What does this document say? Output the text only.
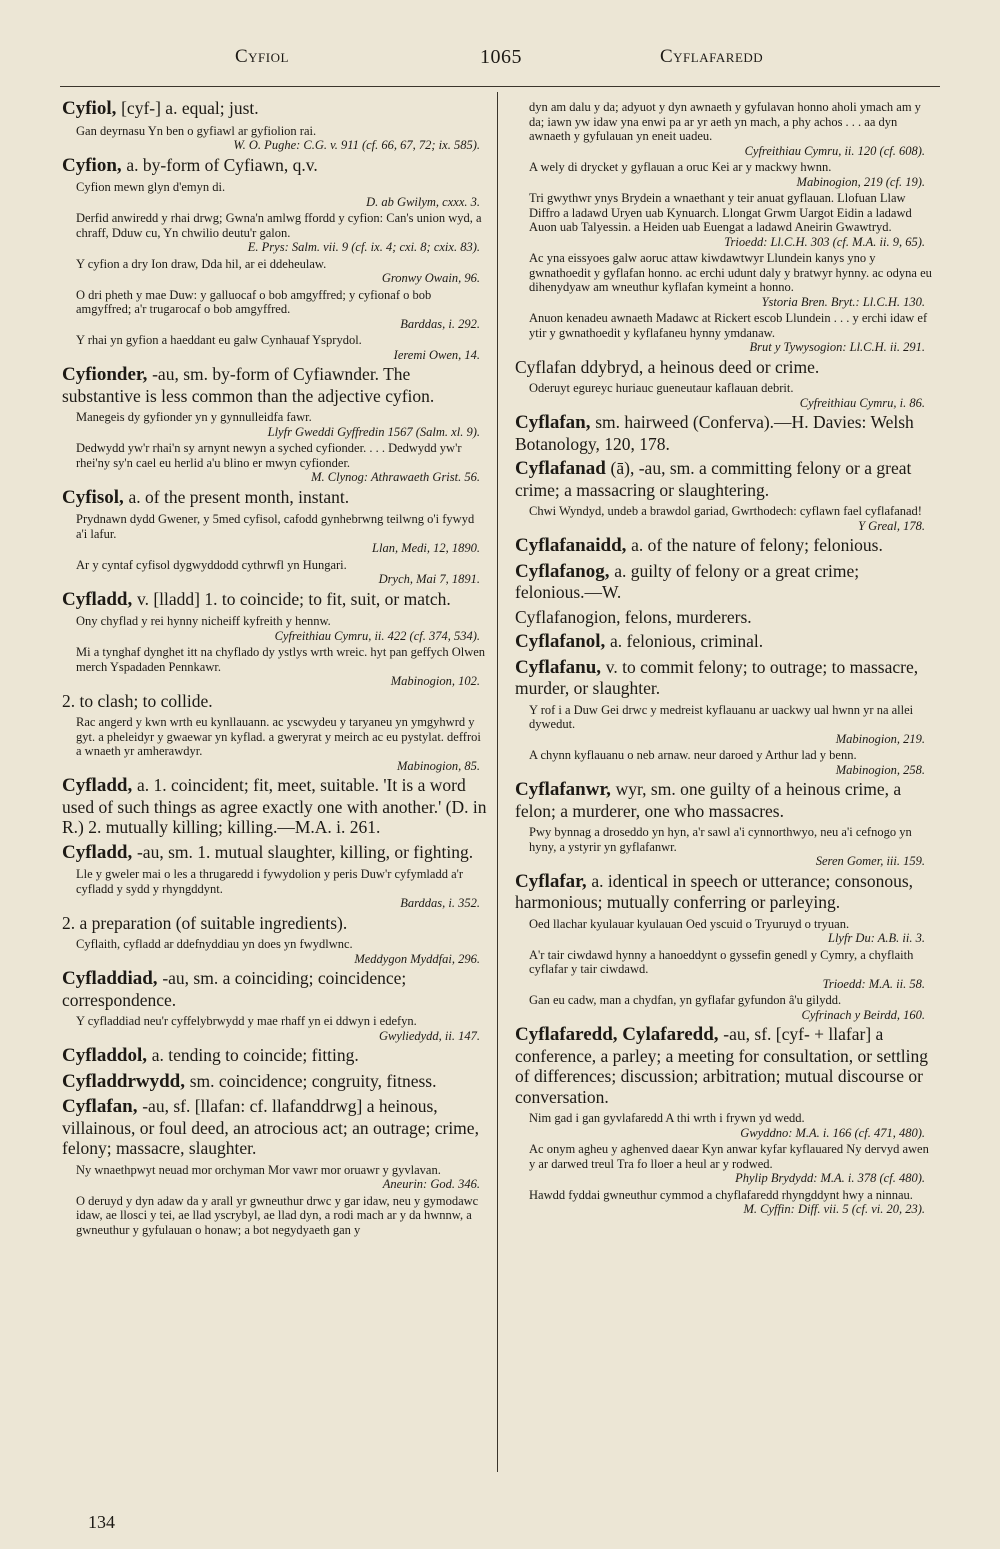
Cyfiol	1065	Cyflafaredd
Cyfiol, [cyf-] a. equal; just.
Gan deyrnasu Yn ben o gyfiawl ar gyfiolion rai.
W. O. Pughe: C.G. v. 911 (cf. 66, 67, 72; ix. 585).
Cyfion, a. by-form of Cyfiawn, q.v.
Cyfion mewn glyn d'emyn di.
D. ab Gwilym, cxxx. 3.
Derfid anwiredd y rhai drwg; Gwna'n amlwg ffordd y cyfion: Can's union wyd, a chraff, Dduw cu, Yn chwilio deutu'r galon.
E. Prys: Salm. vii. 9 (cf. ix. 4; cxi. 8; cxix. 83).
Y cyfion a dry Ion draw, Dda hil, ar ei ddeheulaw.
Gronwy Owain, 96.
O dri pheth y mae Duw: y galluocaf o bob amgyffred; y cyfionaf o bob amgyffred; a'r trugarocaf o bob amgyffred.
Barddas, i. 292.
Y rhai yn gyfion a haeddant eu galw Cynhauaf Ysprydol.
Ieremi Owen, 14.
Cyfionder, -au, sm. by-form of Cyfiawnder. The substantive is less common than the adjective cyfion.
Manegeis dy gyfionder yn y gynnulleidfa fawr.
Llyfr Gweddi Gyffredin 1567 (Salm. xl. 9).
Dedwydd yw'r rhai'n sy arnynt newyn a syched cyfionder. . . . Dedwydd yw'r rhei'ny sy'n cael eu herlid a'u blino er mwyn cyfionder.
M. Clynog: Athrawaeth Grist. 56.
Cyfisol, a. of the present month, instant.
Prydnawn dydd Gwener, y 5med cyfisol, cafodd gynhebrwng teilwng o'i fywyd a'i lafur.
Llan, Medi, 12, 1890.
Ar y cyntaf cyfisol dygwyddodd cythrwfl yn Hungari.
Drych, Mai 7, 1891.
Cyfladd, v. [lladd] 1. to coincide; to fit, suit, or match.
Ony chyflad y rei hynny nicheiff kyfreith y hennw.
Cyfreithiau Cymru, ii. 422 (cf. 374, 534).
Mi a tynghaf dynghet itt na chyflado dy ystlys wrth wreic. hyt pan geffych Olwen merch Yspadaden Pennkawr.
Mabinogion, 102.
2. to clash; to collide.
Rac angerd y kwn wrth eu kynllauann. ac yscwydeu y taryaneu yn ymgyhwrd y gyt. a pheleidyr y gwaewar yn kyflad. a gweryrat y meirch ac eu pystylat. deffroi a wnaeth yr amherawdyr.
Mabinogion, 85.
Cyfladd, a. 1. coincident; fit, meet, suitable. 'It is a word used of such things as agree exactly one with another.' (D. in R.) 2. mutually killing; killing.—M.A. i. 261.
Cyfladd, -au, sm. 1. mutual slaughter, killing, or fighting.
Lle y gweler mai o les a thrugaredd i fywydolion y peris Duw'r cyfymladd a'r cyfladd y sydd y rhyngddynt.
Barddas, i. 352.
2. a preparation (of suitable ingredients).
Cyflaith, cyfladd ar ddefnyddiau yn does yn fwydlwnc.
Meddygon Myddfai, 296.
Cyfladdiad, -au, sm. a coinciding; coincidence; correspondence.
Y cyfladdiad neu'r cyffelybrwydd y mae rhaff yn ei ddwyn i edefyn.
Gwyliedydd, ii. 147.
Cyfladdol, a. tending to coincide; fitting.
Cyfladdrwydd, sm. coincidence; congruity, fitness.
Cyflafan, -au, sf. [llafan: cf. llafanddrwg] a heinous, villainous, or foul deed, an atrocious act; an outrage; crime, felony; massacre, slaughter.
Ny wnaethpwyt neuad mor orchyman Mor vawr mor oruawr y gyvlavan.
Aneurin: God. 346.
O deruyd y dyn adaw da y arall yr gwneuthur drwc y gar idaw, neu y gymodawc idaw, ae llosci y tei, ae llad yscrybyl, ae llad dyn, a rodi mach ar y da hwnnw, a gwneuthur y gyfulauan o honaw; a bot negydyaeth gan y
dyn am dalu y da; adyuot y dyn awnaeth y gyfulavan honno aholi ymach am y da; iawn yw idaw yna enwi pa ar yr aeth yn mach, a phy achos . . . aa dyn awnaeth y gyfulauan yn eneit uadeu.
Cyfreithiau Cymru, ii. 120 (cf. 608).
A wely di drycket y gyflauan a oruc Kei ar y mackwy hwnn.
Mabinogion, 219 (cf. 19).
Tri gwythwr ynys Brydein a wnaethant y teir anuat gyflauan. Llofuan Llaw Diffro a ladawd Uryen uab Kynuarch. Llongat Grwm Uargot Eidin a ladawd Auon uab Talyessin. a Heiden uab Euengat a ladawd Aneirin Gwawtryd.
Trioedd: Ll.C.H. 303 (cf. M.A. ii. 9, 65).
Ac yna eissyoes galw aoruc attaw kiwdawtwyr Llundein kanys yno y gwnathoedit y gyflafan honno. ac erchi udunt daly y bratwyr hynny. ac odyna eu dihenydyaw am wneuthur kyflafan kymeint a honno.
Ystoria Bren. Bryt.: Ll.C.H. 130.
Anuon kenadeu awnaeth Madawc at Rickert escob Llundein . . . y erchi idaw ef ytir y gwnathoedit y kyflafaneu hynny ymdanaw.
Brut y Tywysogion: Ll.C.H. ii. 291.
Cyflafan ddybryd, a heinous deed or crime.
Oderuyt egureyc huriauc gueneutaur kaflauan debrit.
Cyfreithiau Cymru, i. 86.
Cyflafan, sm. hairweed (Conferva).—H. Davies: Welsh Botanology, 120, 178.
Cyflafanad (ā), -au, sm. a committing felony or a great crime; a massacring or slaughtering.
Chwi Wyndyd, undeb a brawdol gariad, Gwrthodech: cyflawn fael cyflafanad!
Y Greal, 178.
Cyflafanaidd, a. of the nature of felony; felonious.
Cyflafanog, a. guilty of felony or a great crime; felonious.—W.
Cyflafanogion, felons, murderers.
Cyflafanol, a. felonious, criminal.
Cyflafanu, v. to commit felony; to outrage; to massacre, murder, or slaughter.
Y rof i a Duw Gei drwc y medreist kyflauanu ar uackwy ual hwnn yr na allei dywedut.
Mabinogion, 219.
A chynn kyflauanu o neb arnaw. neur daroed y Arthur lad y benn.
Mabinogion, 258.
Cyflafanwr, wyr, sm. one guilty of a heinous crime, a felon; a murderer, one who massacres.
Pwy bynnag a droseddo yn hyn, a'r sawl a'i cynnorthwyo, neu a'i cefnogo yn hyny, a ystyrir yn gyflafanwr.
Seren Gomer, iii. 159.
Cyflafar, a. identical in speech or utterance; consonous, harmonious; mutually conferring or parleying.
Oed llachar kyulauar kyulauan Oed yscuid o Tryuruyd o tryuan.
Llyfr Du: A.B. ii. 3.
A'r tair ciwdawd hynny a hanoeddynt o gyssefin genedl y Cymry, a chyflaith cyflafar y tair ciwdawd.
Trioedd: M.A. ii. 58.
Gan eu cadw, man a chydfan, yn gyflafar gyfundon â'u gilydd.
Cyfrinach y Beirdd, 160.
Cyflafaredd, Cylafaredd, -au, sf. [cyf- + llafar] a conference, a parley; a meeting for consultation, or settling of differences; discussion; arbitration; mutual discourse or conversation.
Nim gad i gan gyvlafaredd A thi wrth i frywn yd wedd.
Gwyddno: M.A. i. 166 (cf. 471, 480).
Ac onym agheu y aghenved daear Kyn anwar kyfar kyflauared Ny dervyd awen y ar darwed treul Tra fo lloer a heul ar y rodwed.
Phylip Brydydd: M.A. i. 378 (cf. 480).
Hawdd fyddai gwneuthur cymmod a chyflafaredd rhyngddynt hwy a ninnau.
M. Cyffin: Diff. vii. 5 (cf. vi. 20, 23).
134
